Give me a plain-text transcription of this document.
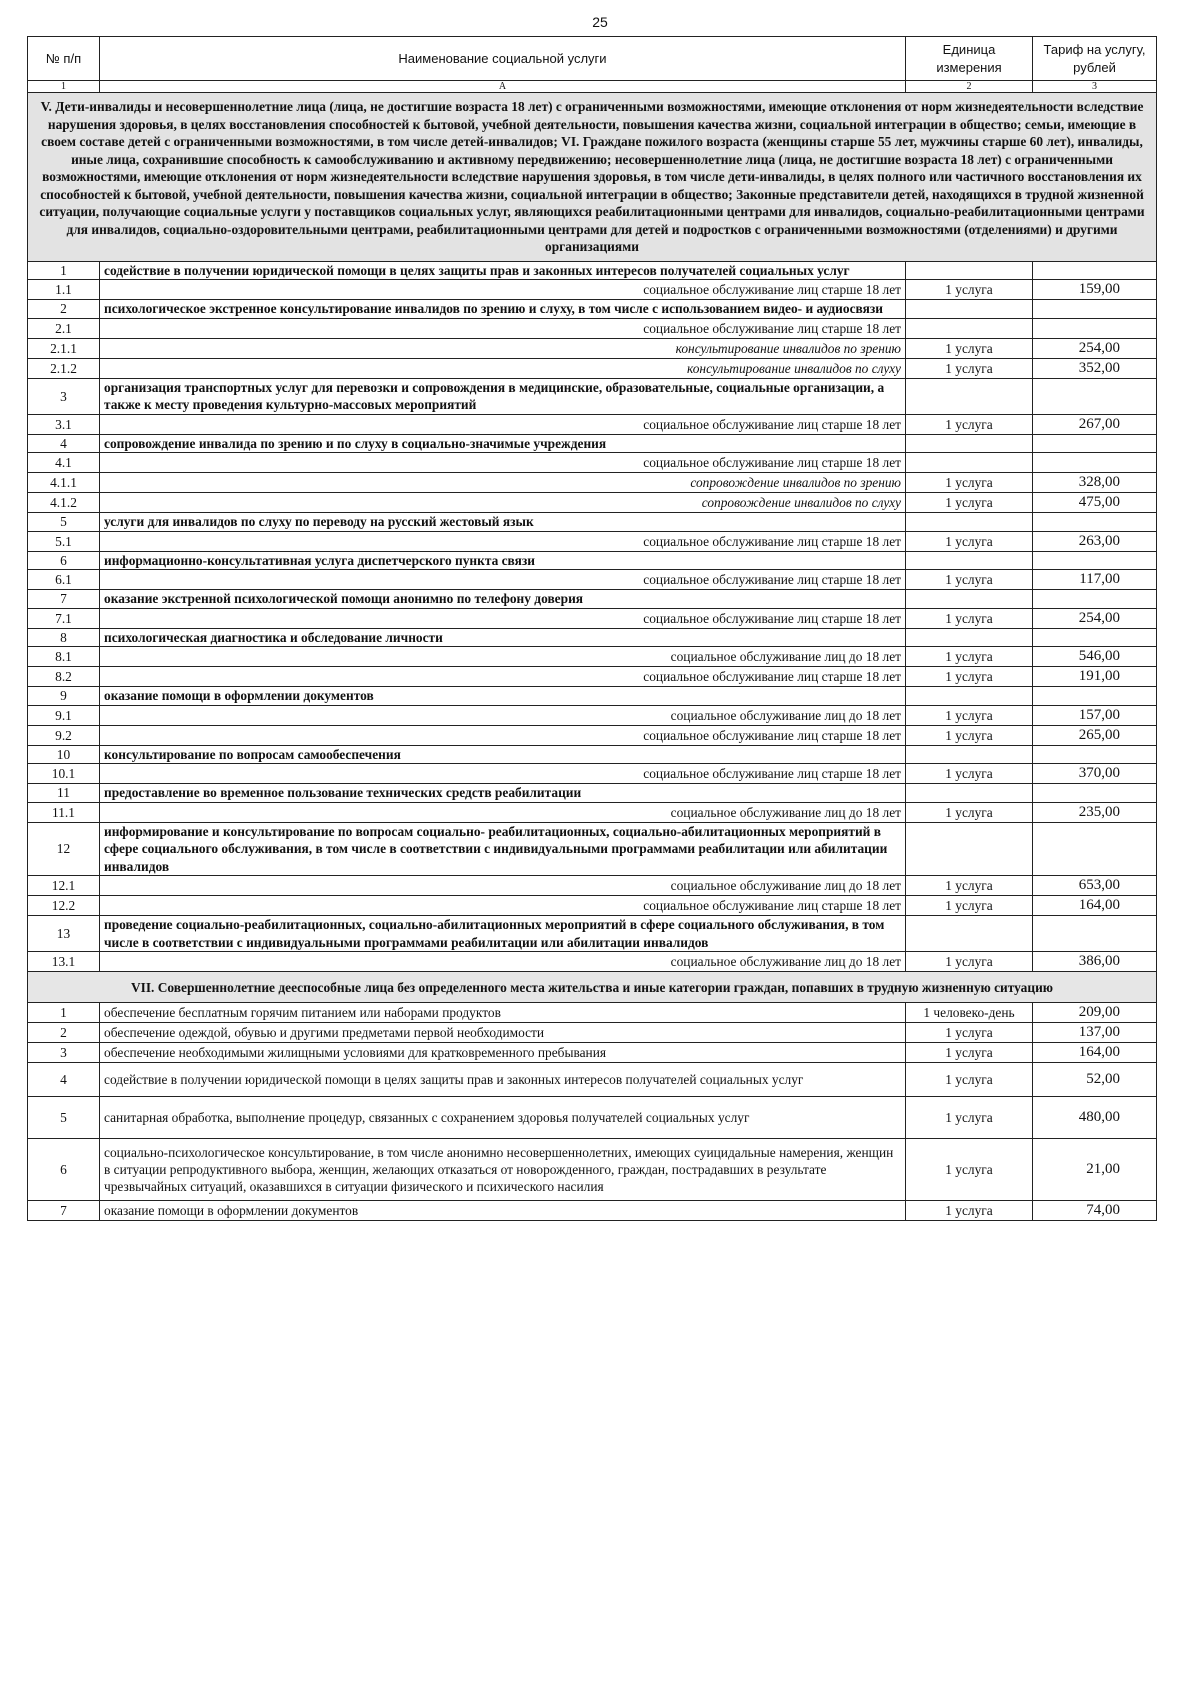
25
№ п/п	Наименование социальной услуги	Единица измерения	Тариф на услугу, рублей
1	А	2	3
V. Дети-инвалиды и несовершеннолетние лица (лица, не достигшие возраста 18 лет) с ограниченными возможностями, имеющие отклонения от норм жизнедеятельности вследствие нарушения здоровья, в целях восстановления способностей к бытовой, учебной деятельности, повышения качества жизни, социальной интеграции в общество; семьи, имеющие в своем составе детей с ограниченными возможностями, в том числе детей-инвалидов; VI. Граждане пожилого возраста (женщины старше 55 лет, мужчины старше 60 лет), инвалиды, иные лица, сохранившие способность к самообслуживанию и активному передвижению; несовершеннолетние лица (лица, не достигшие возраста 18 лет) с ограниченными возможностями, имеющие отклонения от норм жизнедеятельности вследствие нарушения здоровья, в том числе дети-инвалиды, в целях полного или частичного восстановления их способностей к бытовой, учебной деятельности, повышения качества жизни, социальной интеграции в общество; Законные представители детей, находящихся в трудной жизненной ситуации, получающие социальные услуги у поставщиков социальных услуг, являющихся реабилитационными центрами для инвалидов, социально-реабилитационными центрами для инвалидов, социально-оздоровительными центрами, реабилитационными центрами для детей и подростков с ограниченными возможностями (отделениями) и другими организациями			
1	содействие в получении юридической помощи в целях защиты прав и законных интересов получателей социальных услуг		
1.1	социальное обслуживание лиц старше 18 лет	1 услуга	159,00
2	психологическое экстренное консультирование инвалидов по зрению и слуху, в том числе с использованием видео- и аудиосвязи		
2.1	социальное обслуживание лиц старше 18 лет		
2.1.1	консультирование инвалидов по зрению	1 услуга	254,00
2.1.2	консультирование инвалидов по слуху	1 услуга	352,00
3	организация транспортных услуг для перевозки и сопровождения в медицинские, образовательные, социальные организации, а также к месту проведения культурно-массовых мероприятий		
3.1	социальное обслуживание лиц старше 18 лет	1 услуга	267,00
4	сопровождение инвалида по зрению и по слуху в социально-значимые учреждения		
4.1	социальное обслуживание лиц старше 18 лет		
4.1.1	сопровождение инвалидов по зрению	1 услуга	328,00
4.1.2	сопровождение инвалидов по слуху	1 услуга	475,00
5	услуги для инвалидов по слуху по переводу на русский жестовый язык		
5.1	социальное обслуживание лиц старше 18 лет	1 услуга	263,00
6	информационно-консультативная услуга диспетчерского пункта связи		
6.1	социальное обслуживание лиц старше 18 лет	1 услуга	117,00
7	оказание экстренной психологической помощи анонимно по телефону доверия		
7.1	социальное обслуживание лиц старше 18 лет	1 услуга	254,00
8	психологическая диагностика и обследование личности		
8.1	социальное обслуживание лиц до 18 лет	1 услуга	546,00
8.2	социальное обслуживание лиц старше 18 лет	1 услуга	191,00
9	оказание помощи в оформлении документов		
9.1	социальное обслуживание лиц до 18 лет	1 услуга	157,00
9.2	социальное обслуживание лиц старше 18 лет	1 услуга	265,00
10	консультирование по вопросам самообеспечения		
10.1	социальное обслуживание лиц старше 18 лет	1 услуга	370,00
11	предоставление во временное пользование технических средств реабилитации		
11.1	социальное обслуживание лиц до 18 лет	1 услуга	235,00
12	информирование и консультирование по вопросам социально- реабилитационных, социально-абилитационных мероприятий в сфере социального обслуживания, в том числе в соответствии с индивидуальными программами реабилитации или абилитации инвалидов		
12.1	социальное обслуживание лиц до 18 лет	1 услуга	653,00
12.2	социальное обслуживание лиц старше 18 лет	1 услуга	164,00
13	проведение социально-реабилитационных, социально-абилитационных мероприятий в сфере социального обслуживания, в том числе в соответствии с индивидуальными программами реабилитации или абилитации инвалидов		
13.1	социальное обслуживание лиц до 18 лет	1 услуга	386,00
VII. Совершеннолетние дееспособные лица без определенного места жительства и иные категории граждан, попавших в трудную жизненную ситуацию			
1	обеспечение бесплатным горячим питанием или наборами продуктов	1 человеко-день	209,00
2	обеспечение одеждой, обувью и другими предметами первой необходимости	1 услуга	137,00
3	обеспечение необходимыми жилищными условиями для кратковременного пребывания	1 услуга	164,00
4	содействие в получении юридической помощи в целях защиты прав и законных интересов получателей социальных услуг	1 услуга	52,00
5	санитарная обработка, выполнение процедур, связанных с сохранением здоровья получателей социальных услуг	1 услуга	480,00
6	социально-психологическое консультирование, в том числе анонимно несовершеннолетних, имеющих суицидальные намерения, женщин в ситуации репродуктивного выбора, женщин, желающих отказаться от новорожденного, граждан, пострадавших в результате чрезвычайных ситуаций, оказавшихся в ситуации физического и психического насилия	1 услуга	21,00
7	оказание помощи в оформлении документов	1 услуга	74,00
